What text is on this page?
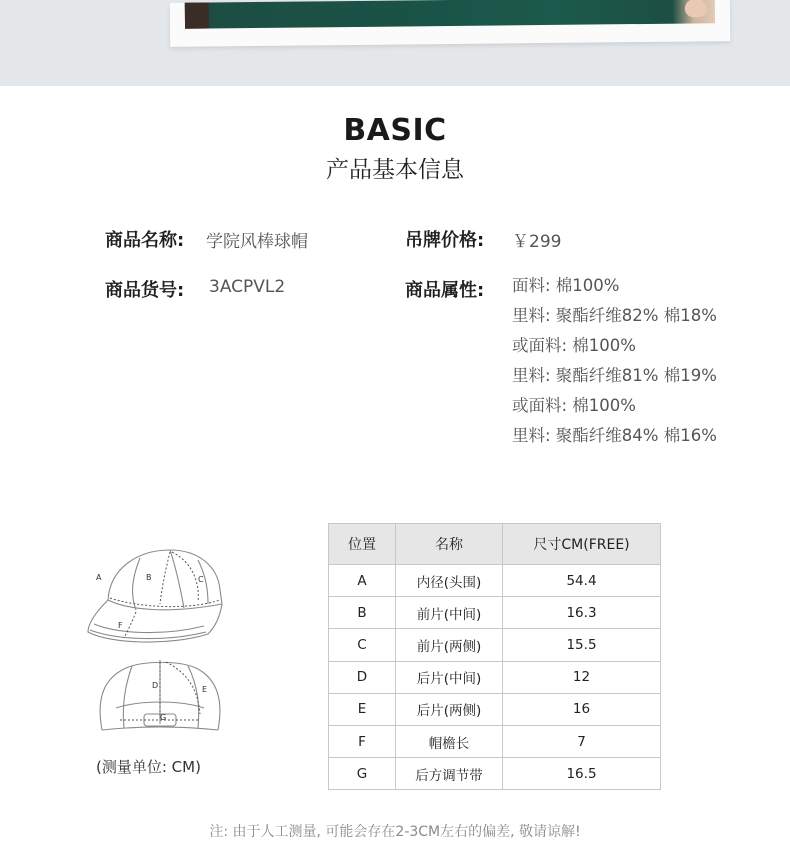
BASIC
产品基本信息
商品名称: 学院风棒球帽	吊牌价格: ￥299
商品货号: 3ACPVL2	商品属性: 面料: 棉100%
里料: 聚酯纤维82% 棉18%
或面料: 棉100%
里料: 聚酯纤维81% 棉19%
或面料: 棉100%
里料: 聚酯纤维84% 棉16%
A	B	C
F
D	E
G
(测量单位: CM)
位置	名称	尺寸CM(FREE)
A	内径(头围)	54.4
B	前片(中间)	16.3
C	前片(两侧)	15.5
D	后片(中间)	12
E	后片(两侧)	16
F	帽檐长	7
G	后方调节带	16.5
注: 由于人工测量, 可能会存在2-3CM左右的偏差, 敬请谅解!
